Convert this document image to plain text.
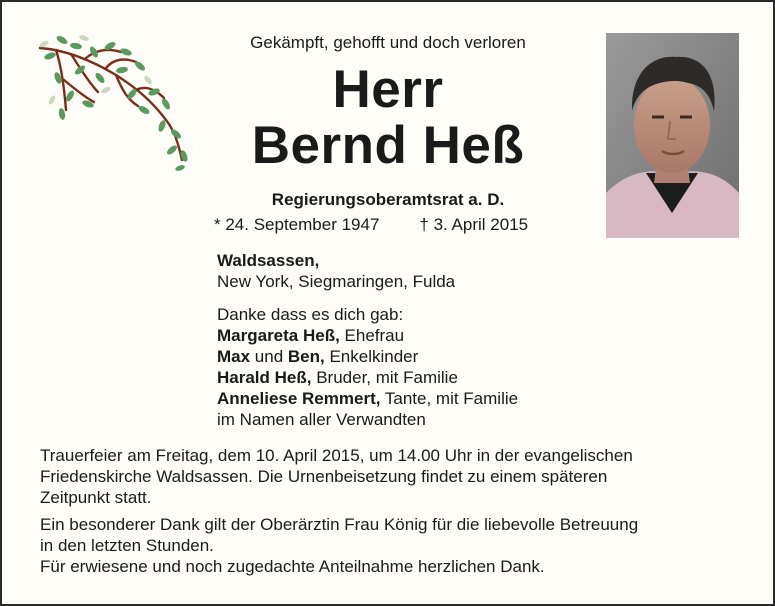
Gekämpft, gehofft und doch verloren
Herr
Bernd Heß
Regierungsoberamtsrat a. D.
* 24. September 1947 † 3. April 2015
Waldsassen,
New York, Siegmaringen, Fulda
Danke dass es dich gab:
Margareta Heß, Ehefrau
Max und Ben, Enkelkinder
Harald Heß, Bruder, mit Familie
Anneliese Remmert, Tante, mit Familie
im Namen aller Verwandten
Trauerfeier am Freitag, dem 10. April 2015, um 14.00 Uhr in der evangelischen
Friedenskirche Waldsassen. Die Urnenbeisetzung findet zu einem späteren
Zeitpunkt statt.
Ein besonderer Dank gilt der Oberärztin Frau König für die liebevolle Betreuung
in den letzten Stunden.
Für erwiesene und noch zugedachte Anteilnahme herzlichen Dank.
